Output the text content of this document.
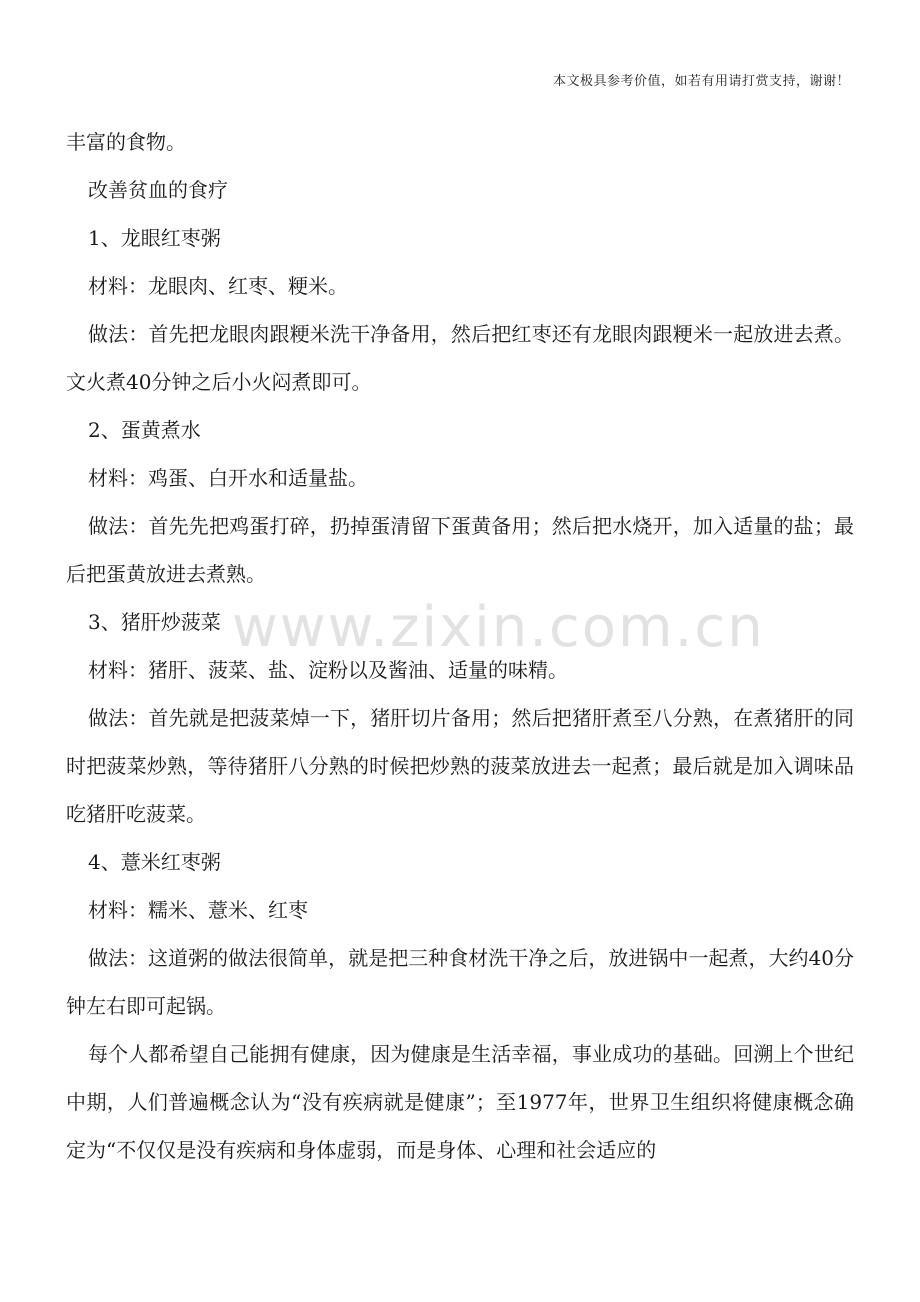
本文极具参考价值，如若有用请打赏支持，谢谢！
www.zixin.com.cn

丰富的食物。

改善贫血的食疗

1、龙眼红枣粥

材料：龙眼肉、红枣、粳米。

做法：首先把龙眼肉跟粳米洗干净备用，然后把红枣还有龙眼肉跟粳米一起放进去煮。文火煮40分钟之后小火闷煮即可。

2、蛋黄煮水

材料：鸡蛋、白开水和适量盐。

做法：首先先把鸡蛋打碎，扔掉蛋清留下蛋黄备用；然后把水烧开，加入适量的盐；最后把蛋黄放进去煮熟。

3、猪肝炒菠菜

材料：猪肝、菠菜、盐、淀粉以及酱油、适量的味精。

做法：首先就是把菠菜焯一下，猪肝切片备用；然后把猪肝煮至八分熟，在煮猪肝的同时把菠菜炒熟，等待猪肝八分熟的时候把炒熟的菠菜放进去一起煮；最后就是加入调味品吃猪肝吃菠菜。

4、薏米红枣粥

材料：糯米、薏米、红枣

做法：这道粥的做法很简单，就是把三种食材洗干净之后，放进锅中一起煮，大约40分钟左右即可起锅。

每个人都希望自己能拥有健康，因为健康是生活幸福，事业成功的基础。回溯上个世纪中期，人们普遍概念认为“没有疾病就是健康”；至1977年，世界卫生组织将健康概念确定为“不仅仅是没有疾病和身体虚弱，而是身体、心理和社会适应的
